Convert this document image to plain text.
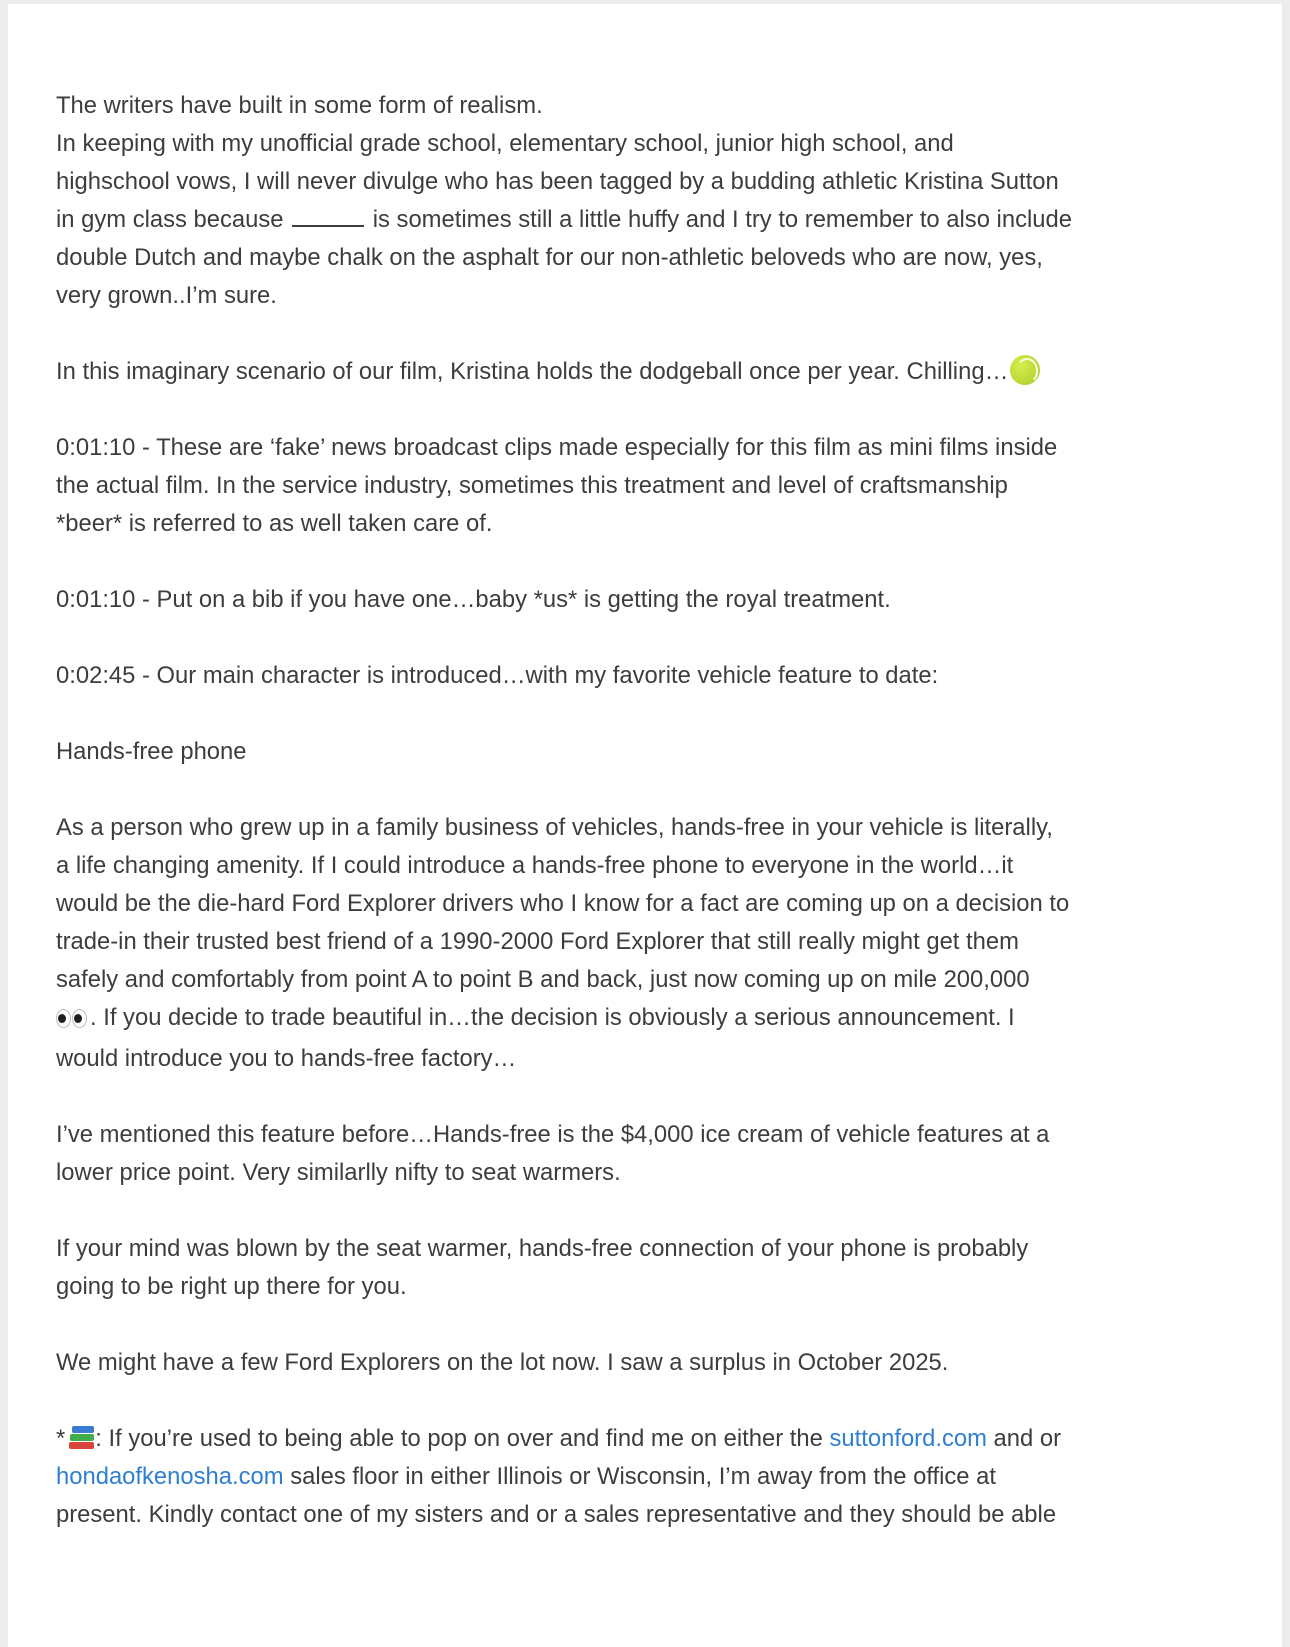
The writers have built in some form of realism.
In keeping with my unofficial grade school, elementary school, junior high school, and
highschool vows, I will never divulge who has been tagged by a budding athletic Kristina Sutton
in gym class because	is sometimes still a little huffy and I try to remember to also include
double Dutch and maybe chalk on the asphalt for our non-athletic beloveds who are now, yes,
very grown..I’m sure.

In this imaginary scenario of our film, Kristina holds the dodgeball once per year. Chilling…

0:01:10 - These are ‘fake’ news broadcast clips made especially for this film as mini films inside
the actual film. In the service industry, sometimes this treatment and level of craftsmanship
*beer* is referred to as well taken care of.

0:01:10 - Put on a bib if you have one…baby *us* is getting the royal treatment.

0:02:45 - Our main character is introduced…with my favorite vehicle feature to date:

Hands-free phone

As a person who grew up in a family business of vehicles, hands-free in your vehicle is literally,
a life changing amenity. If I could introduce a hands-free phone to everyone in the world…it
would be the die-hard Ford Explorer drivers who I know for a fact are coming up on a decision to
trade-in their trusted best friend of a 1990-2000 Ford Explorer that still really might get them
safely and comfortably from point A to point B and back, just now coming up on mile 200,000
. If you decide to trade beautiful in…the decision is obviously a serious announcement. I
would introduce you to hands-free factory…

I’ve mentioned this feature before…Hands-free is the $4,000 ice cream of vehicle features at a
lower price point. Very similarlly nifty to seat warmers.

If your mind was blown by the seat warmer, hands-free connection of your phone is probably
going to be right up there for you.

We might have a few Ford Explorers on the lot now. I saw a surplus in October 2025.

* : If you’re used to being able to pop on over and find me on either the suttonford.com and or
hondaofkenosha.com sales floor in either Illinois or Wisconsin, I’m away from the office at
present. Kindly contact one of my sisters and or a sales representative and they should be able
